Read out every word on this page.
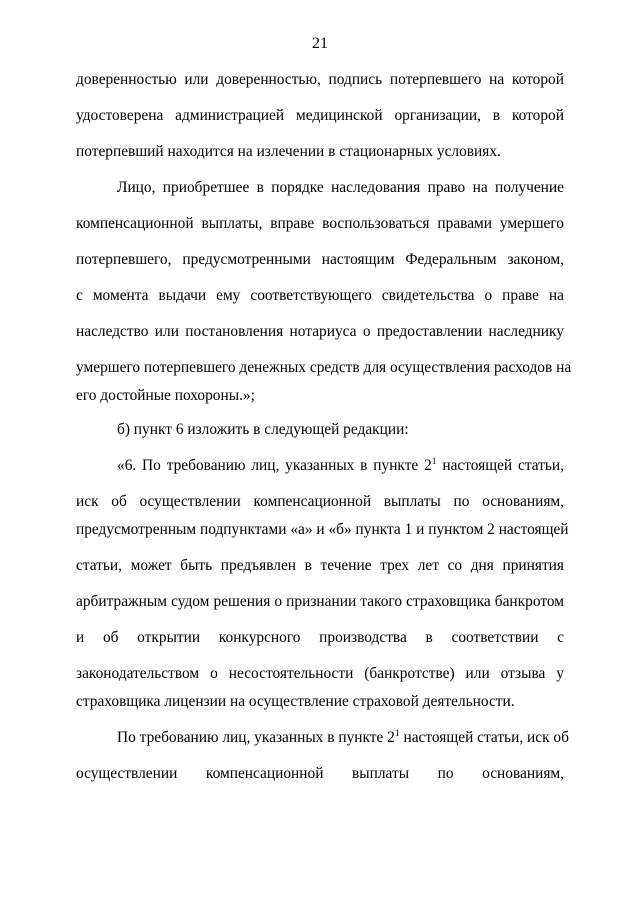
21
доверенностью или доверенностью, подпись потерпевшего на которой
удостоверена администрацией медицинской организации, в которой
потерпевший находится на излечении в стационарных условиях.
Лицо, приобретшее в порядке наследования право на получение
компенсационной выплаты, вправе воспользоваться правами умершего
потерпевшего, предусмотренными настоящим Федеральным законом,
с момента выдачи ему соответствующего свидетельства о праве на
наследство или постановления нотариуса о предоставлении наследнику
умершего потерпевшего денежных средств для осуществления расходов на
его достойные похороны.»;
б) пункт 6 изложить в следующей редакции:
«6. По требованию лиц, указанных в пункте $2^1$ настоящей статьи,
иск об осуществлении компенсационной выплаты по основаниям,
предусмотренным подпунктами «а» и «б» пункта 1 и пунктом 2 настоящей
статьи, может быть предъявлен в течение трех лет со дня принятия
арбитражным судом решения о признании такого страховщика банкротом
и об открытии конкурсного производства в соответствии с
законодательством о несостоятельности (банкротстве) или отзыва у
страховщика лицензии на осуществление страховой деятельности.
По требованию лиц, указанных в пункте $2^1$ настоящей статьи, иск об
осуществлении компенсационной выплаты по основаниям,
